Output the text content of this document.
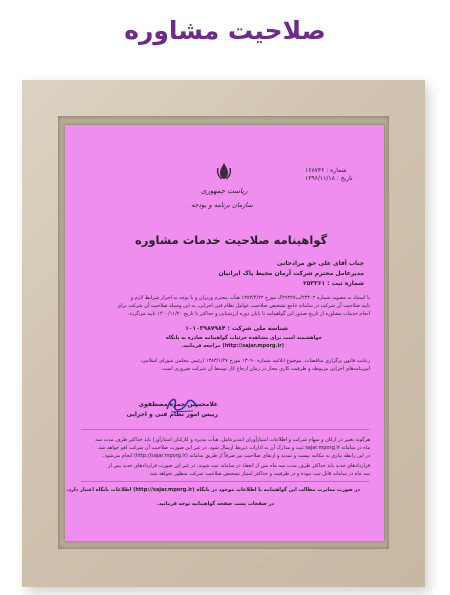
صلاحیت مشاوره
شماره : ۱۶۸۷۳۶
تاریخ : ۱۳۹۶/۱۱/۱۸
ریاست جمهوری
سازمان برنامه و بودجه
گواهینامه صلاحیت خدمات مشاوره
جناب آقای علی حق مرادخانی
مدیرعامل محترم شرکت آرمان محیط پاک ایرانیان
شماره ثبت : ۲۵۳۳۶۱
با استناد به مصوبه شماره ۲۳۴۰۲/ت۲۹۲۲۷ک مورخ ۱۳۸۳/۴/۲۲ هیأت محترم وزیران و با توجه به احراز شرایط لازم و
تایید صلاحیت آن شرکت در سامانه جامع تشخیص صلاحیت عوامل نظام فنی اجرایی، به این وسیله صلاحیت آن شرکت برای
انجام خدمات مشاوره از تاریخ صدور این گواهینامه تا پایان دوره ارزشیابی و حداکثر تا تاریخ ۱۴۰۰/۱۱/۲۰ تایید می‌گردد.
شناسه ملی شرکت : ۱۰۱۰۳۹۸۷۹۸۴
خواهشمند است برای مشاهده جزئیات گواهینامه صادره به پایگاه
(http://sajar.mporg.ir) مراجعه فرمایید.
رعایت قانون برگزاری مناقصات، موضوع ابلاغیه شماره ۱۳۰۹۰ مورخ ۱۳۸۳/۱/۲۷ (رئیس مجلس شورای اسلامی،
آیین‌نامه‌های اجرایی مربوطه و ظرفیت کاری مجاز در زمان ارجاع کار توسط آن شرکت ضروری است.
غلامحسین حمزه مصطفوی
رییس امور نظام فنی و اجرایی
هرگونه تغییر در ارکان و سهام شرکت و اطلاعات امتیازآوران (مدیرعامل، هیأت مدیره و کارکنان امتیازآور) باید حداکثر ظرف مدت سه
ماه در سامانه sajar.mporg.ir ثبت و مدارک آن به ادارات ذیربط ارسال شود. در غیر این صورت صلاحیت آن شرکت لغو خواهد شد.
در این رابطه نیازی به مکاتبه نیست و تمدید و ارتقای صلاحیت نیز صرفاً از طریق سامانه (http://sajar.mporg.ir) انجام می‌شود.
قراردادهای جدید باید حداکثر ظرف مدت سه ماه پس از انعقاد در سامانه ثبت شوند. در غیر این صورت قراردادهای جدید پس از
سه ماه در سامانه قابل ثبت نبوده و در ظرفیت و حداکثر امتیاز تشخیص صلاحیت شرکت منظور نخواهد شد.
در صورت مغایرت مطالب این گواهینامه با اطلاعات موجود در پایگاه (http://sajar.mporg.ir) اطلاعات پایگاه اعتبار دارد.
در صفحات پشت صفحه گواهینامه توجه فرمایید.
